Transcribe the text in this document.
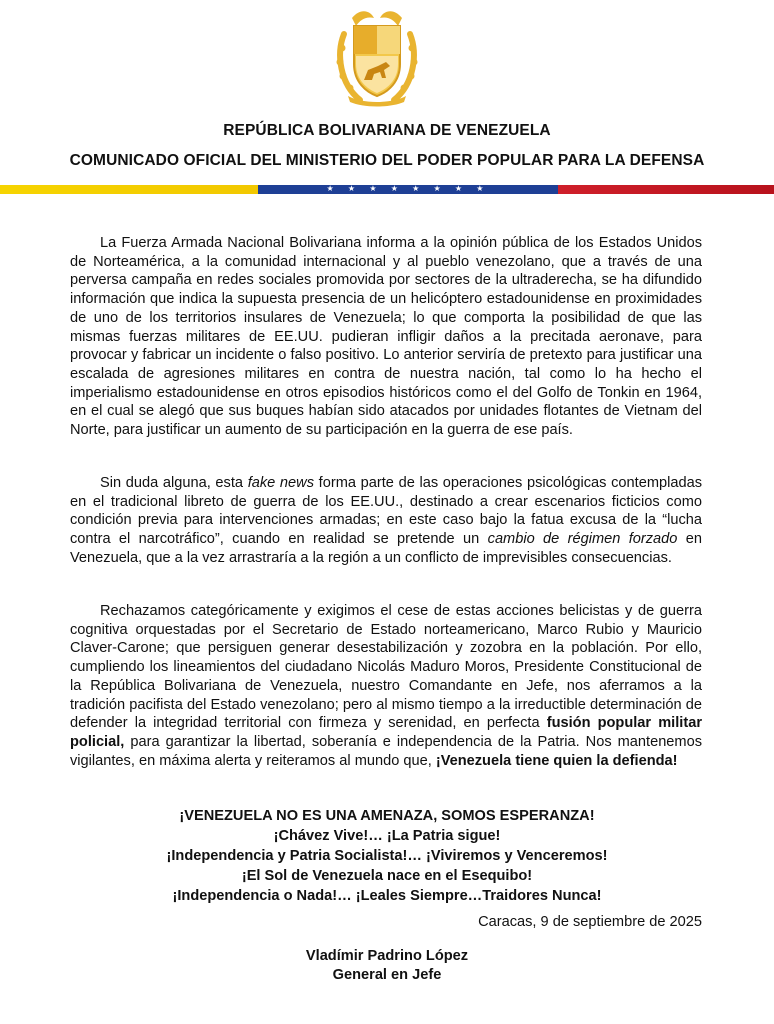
REPÚBLICA BOLIVARIANA DE VENEZUELA
COMUNICADO OFICIAL DEL MINISTERIO DEL PODER POPULAR PARA LA DEFENSA
★ ★ ★ ★ ★ ★ ★ ★

La Fuerza Armada Nacional Bolivariana informa a la opinión pública de los Estados Unidos de Norteamérica, a la comunidad internacional y al pueblo venezolano, que a través de una perversa campaña en redes sociales promovida por sectores de la ultraderecha, se ha difundido información que indica la supuesta presencia de un helicóptero estadounidense en proximidades de uno de los territorios insulares de Venezuela; lo que comporta la posibilidad de que las mismas fuerzas militares de EE.UU. pudieran infligir daños a la precitada aeronave, para provocar y fabricar un incidente o falso positivo. Lo anterior serviría de pretexto para justificar una escalada de agresiones militares en contra de nuestra nación, tal como lo ha hecho el imperialismo estadounidense en otros episodios históricos como el del Golfo de Tonkin en 1964, en el cual se alegó que sus buques habían sido atacados por unidades flotantes de Vietnam del Norte, para justificar un aumento de su participación en la guerra de ese país.

Sin duda alguna, esta fake news forma parte de las operaciones psicológicas contempladas en el tradicional libreto de guerra de los EE.UU., destinado a crear escenarios ficticios como condición previa para intervenciones armadas; en este caso bajo la fatua excusa de la “lucha contra el narcotráfico”, cuando en realidad se pretende un cambio de régimen forzado en Venezuela, que a la vez arrastraría a la región a un conflicto de imprevisibles consecuencias.

Rechazamos categóricamente y exigimos el cese de estas acciones belicistas y de guerra cognitiva orquestadas por el Secretario de Estado norteamericano, Marco Rubio y Mauricio Claver-Carone; que persiguen generar desestabilización y zozobra en la población. Por ello, cumpliendo los lineamientos del ciudadano Nicolás Maduro Moros, Presidente Constitucional de la República Bolivariana de Venezuela, nuestro Comandante en Jefe, nos aferramos a la tradición pacifista del Estado venezolano; pero al mismo tiempo a la irreductible determinación de defender la integridad territorial con firmeza y serenidad, en perfecta fusión popular militar policial, para garantizar la libertad, soberanía e independencia de la Patria. Nos mantenemos vigilantes, en máxima alerta y reiteramos al mundo que, ¡Venezuela tiene quien la defienda!

¡VENEZUELA NO ES UNA AMENAZA, SOMOS ESPERANZA!
¡Chávez Vive!… ¡La Patria sigue!
¡Independencia y Patria Socialista!… ¡Viviremos y Venceremos!
¡El Sol de Venezuela nace en el Esequibo!
¡Independencia o Nada!… ¡Leales Siempre…Traidores Nunca!
Caracas, 9 de septiembre de 2025
Vladímir Padrino López
General en Jefe
